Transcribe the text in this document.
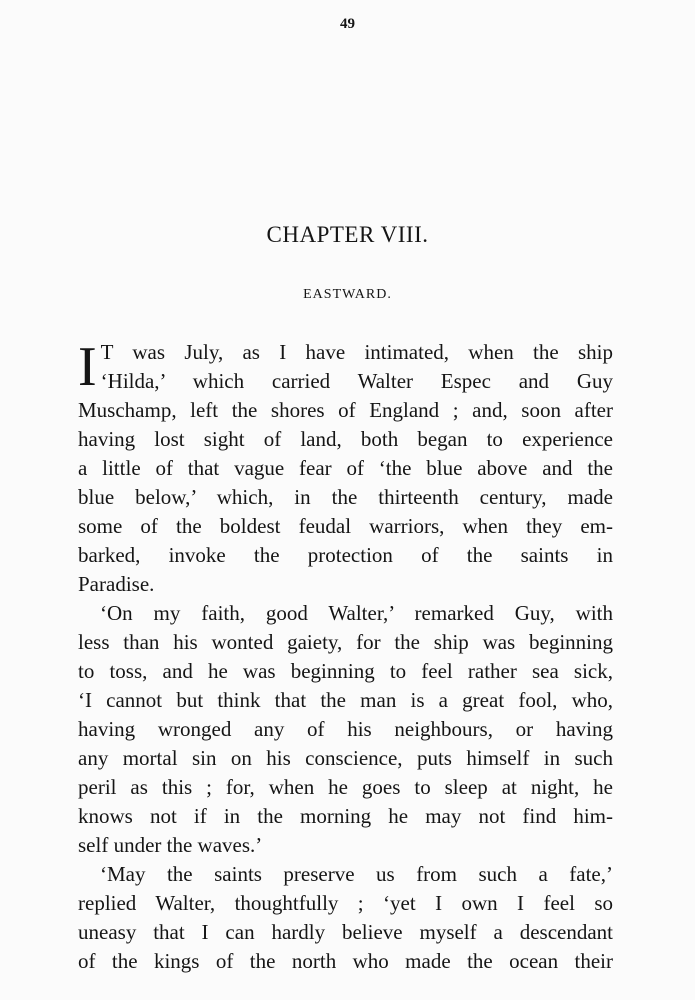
49
CHAPTER VIII.
EASTWARD.
I T was July, as I have intimated, when the ship
‘Hilda,’ which carried Walter Espec and Guy
Muschamp, left the shores of England ; and, soon after
having lost sight of land, both began to experience
a little of that vague fear of ‘the blue above and the
blue below,’ which, in the thirteenth century, made
some of the boldest feudal warriors, when they em-
barked, invoke the protection of the saints in
Paradise.
‘On my faith, good Walter,’ remarked Guy, with
less than his wonted gaiety, for the ship was beginning
to toss, and he was beginning to feel rather sea sick,
‘I cannot but think that the man is a great fool, who,
having wronged any of his neighbours, or having
any mortal sin on his conscience, puts himself in such
peril as this ; for, when he goes to sleep at night, he
knows not if in the morning he may not find him-
self under the waves.’
‘May the saints preserve us from such a fate,’
replied Walter, thoughtfully ; ‘yet I own I feel so
uneasy that I can hardly believe myself a descendant
of the kings of the north who made the ocean their
